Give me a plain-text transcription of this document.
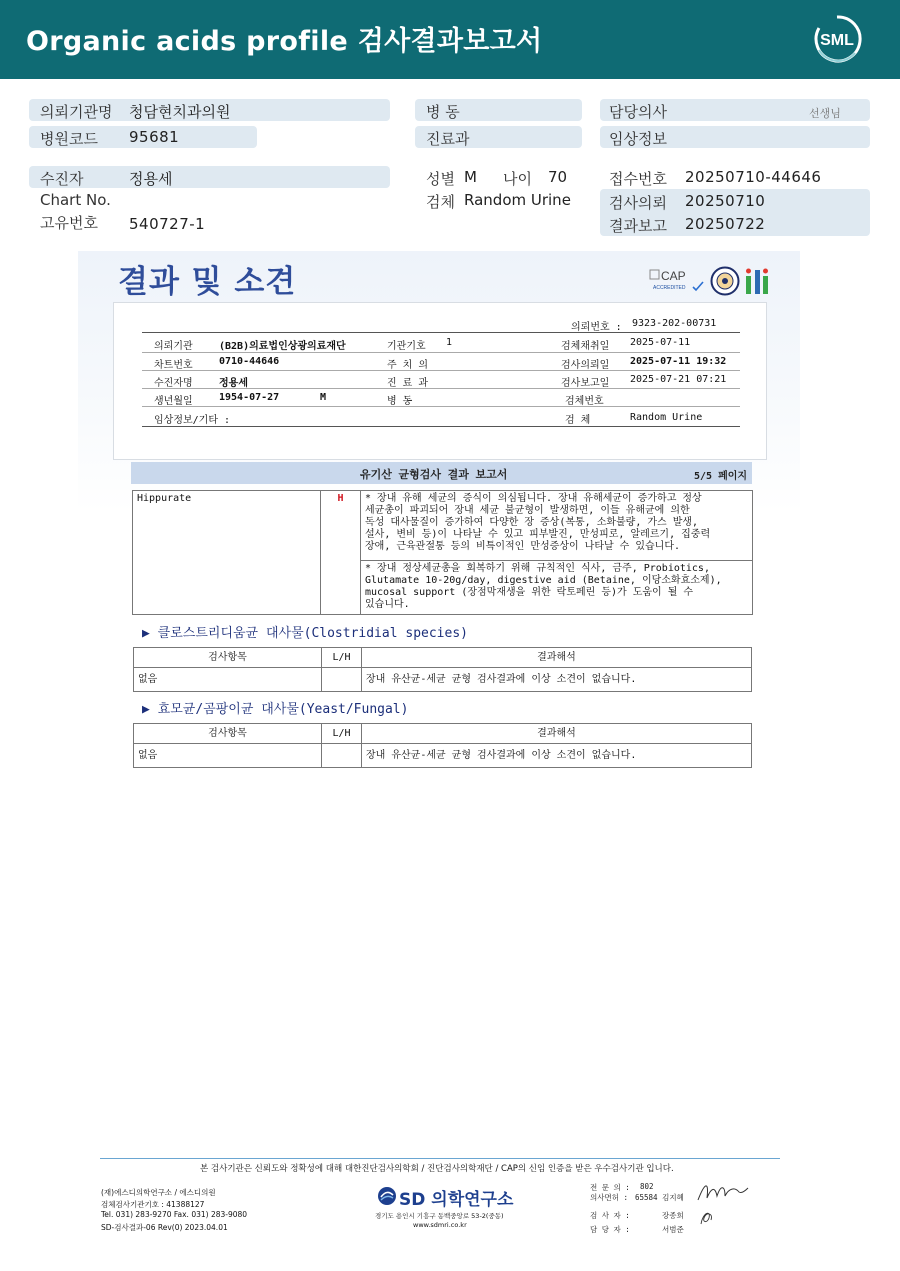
Organic acids profile 검사결과보고서	SML
의뢰기관명 청담현치과의원
병원코드 95681
수진자	정용세
Chart No.
고유번호 540727-1
병 동
진료과
성별 M 나이 70
검체 Random Urine
담당의사	선생님
임상정보
접수번호 20250710-44646
검사의뢰 20250710
결과보고 20250722
결과 및 소견	CAP
ACCREDITED
의뢰번호 : 9323-202-00731
의뢰기관	(B2B)의료법인상광의료재단	기관기호 1	검체채취일 2025-07-11
차트번호	0710-44646	주 치 의	검사의뢰일 2025-07-11 19:32
수진자명	정용세	진 료 과	검사보고일 2025-07-21 07:21
생년월일	1954-07-27	M	병 동	검체번호
임상정보/기타 :	검 체	Random Urine
유기산 균형검사 결과 보고서	5/5 페이지
Hippurate	H	* 장내 유해 세균의 증식이 의심됩니다. 장내 유해세균이 증가하고 정상
세균총이 파괴되어 장내 세균 불균형이 발생하면, 이들 유해균에 의한
독성 대사물질이 증가하여 다양한 장 증상(복통, 소화불량, 가스 발생,
설사, 변비 등)이 나타날 수 있고 피부발진, 만성피로, 알레르기, 집중력
장애, 근육관절통 등의 비특이적인 만성증상이 나타날 수 있습니다.

* 장내 정상세균총을 회복하기 위해 규칙적인 식사, 금주, Probiotics,
Glutamate 10-20g/day, digestive aid (Betaine, 이당소화효소제),
mucosal support (장점막재생을 위한 락토페린 등)가 도움이 될 수
있습니다.
▶ 클로스트리디움균 대사물(Clostridial species)
검사항목	L/H	결과해석
없음		장내 유산균-세균 균형 검사결과에 이상 소견이 없습니다.
▶ 효모균/곰팡이균 대사물(Yeast/Fungal)
검사항목	L/H	결과해석
없음		장내 유산균-세균 균형 검사결과에 이상 소견이 없습니다.
본 검사기관은 신뢰도와 정확성에 대해 대한진단검사의학회 / 진단검사의학재단 / CAP의 신임 인증을 받은 우수검사기관 입니다.
(재)에스디의학연구소 / 에스디의원
검체검사기관기호 : 41388127
Tel. 031) 283-9270 Fax. 031) 283-9080
SD-검사결과-06 Rev(0) 2023.04.01
SD 의학연구소
경기도 용인시 기흥구 동백중앙로 53-2(중동)
www.sdmri.co.kr
전 문 의 : 802
의사면허 : 65584 김지혜
검 사 자 :	장종희
담 당 자 :	서범준
